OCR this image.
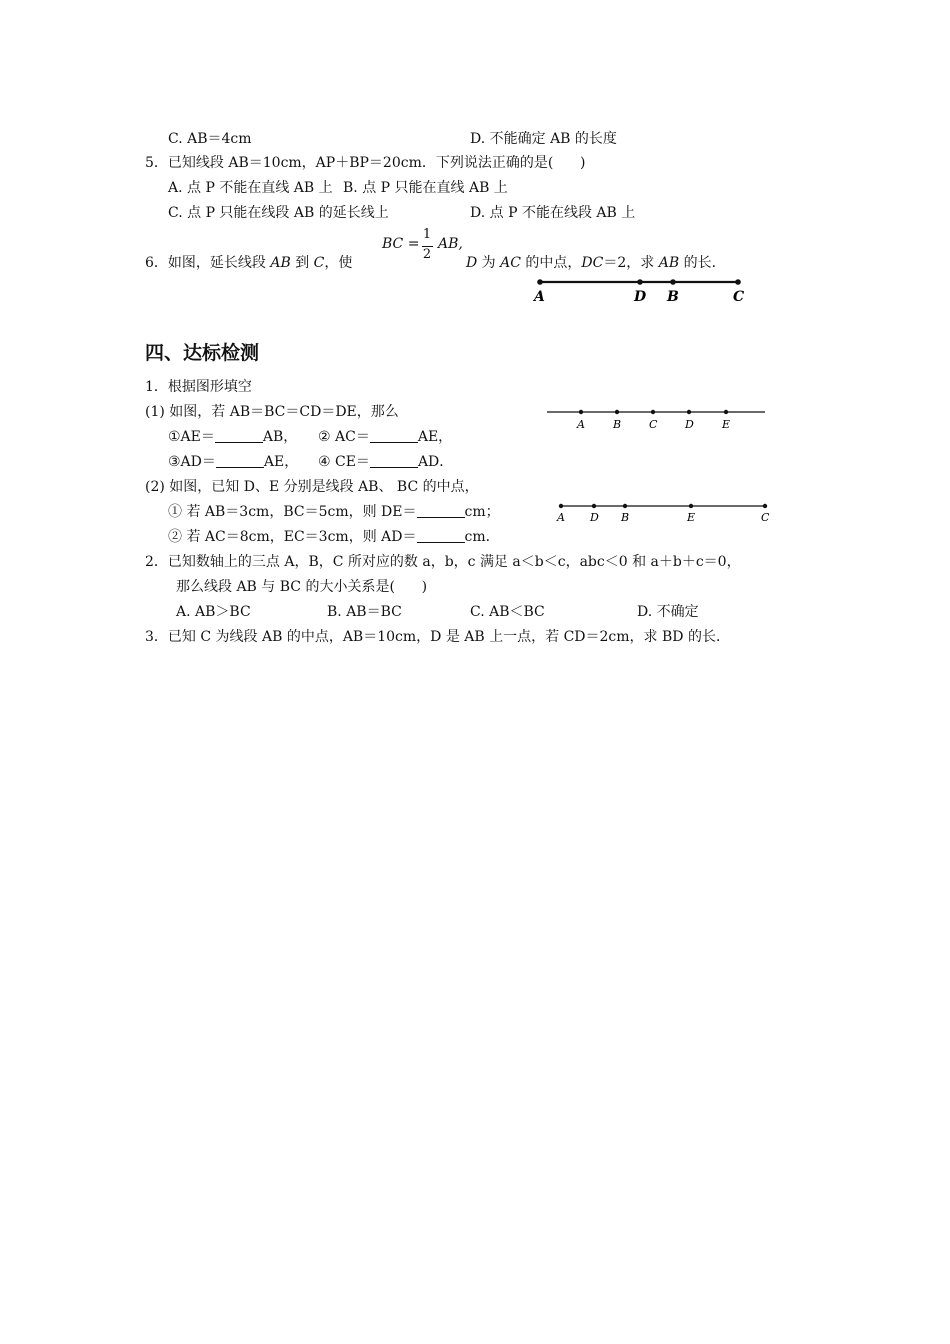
C. AB＝4cm	D. 不能确定 AB 的长度
5．已知线段 AB＝10cm，AP＋BP＝20cm．下列说法正确的是(      )
A. 点 P 不能在直线 AB 上 B. 点 P 只能在直线 AB 上
C. 点 P 只能在线段 AB 的延长线上	D. 点 P 不能在线段 AB 上
6．如图，延长线段 AB 到 C，使
BC =
1
2
AB,
D 为 AC 的中点，DC＝2，求 AB 的长．
A	D B	C
四、达标检测
1．根据图形填空
(1) 如图，若 AB＝BC＝CD＝DE，那么
①AE＝	AB， ② AC＝	AE，
③AD＝	AE， ④ CE＝	AD．
A	B	C	D	E
(2) 如图，已知 D、E 分别是线段 AB、 BC 的中点，
① 若 AB＝3cm，BC＝5cm，则 DE＝	cm；
② 若 AC＝8cm，EC＝3cm，则 AD＝	cm．
A D B	E	C
2．已知数轴上的三点 A，B，C 所对应的数 a，b，c 满足 a＜b＜c，abc＜0 和 a＋b＋c＝0，
那么线段 AB 与 BC 的大小关系是(      )
A. AB＞BC	B. AB＝BC	C. AB＜BC	D. 不确定
3．已知 C 为线段 AB 的中点，AB＝10cm，D 是 AB 上一点，若 CD＝2cm，求 BD 的长．
